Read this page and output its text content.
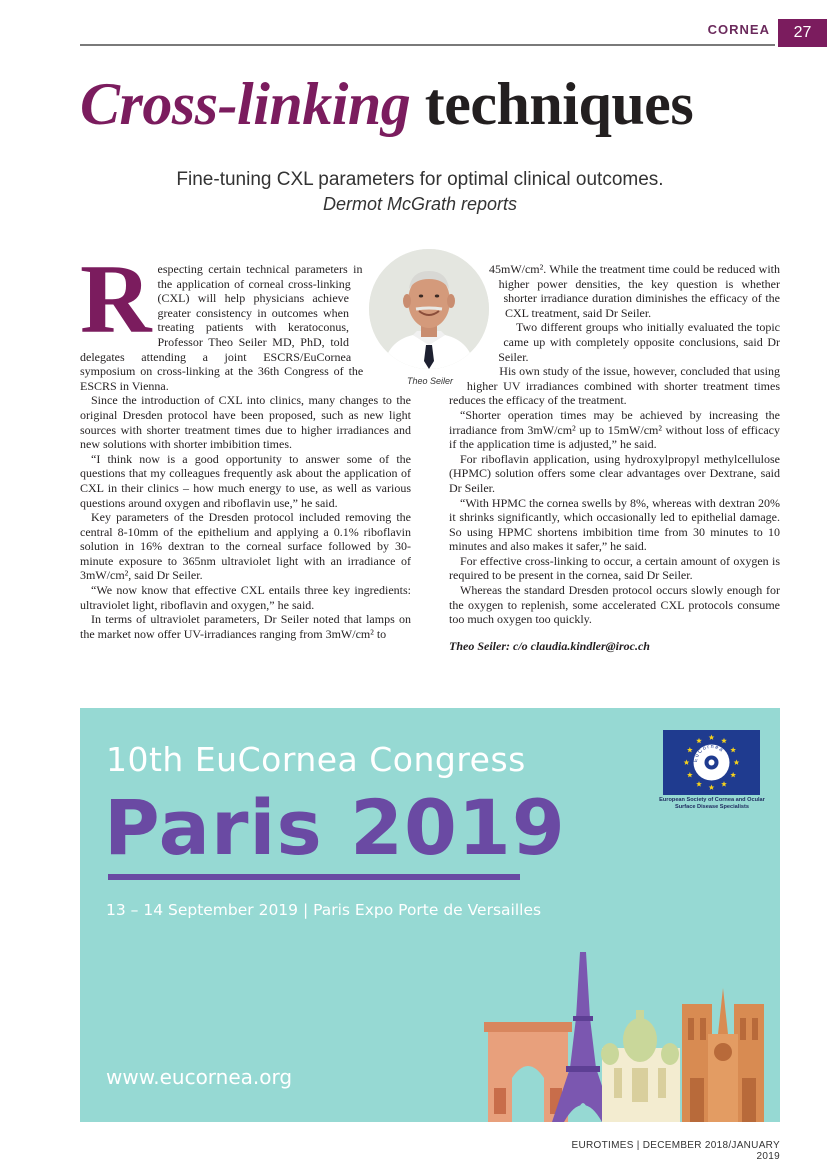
CORNEA	27
Cross-linking techniques
Fine-tuning CXL parameters for optimal clinical outcomes.
Dermot McGrath reports
Theo Seiler
R especting certain technical parameters in the application of corneal cross-linking (CXL) will help physicians achieve greater consistency in outcomes when treating patients with keratoconus, Professor Theo Seiler MD, PhD, told delegates attending a joint ESCRS/EuCornea symposium on cross-linking at the 36th Congress of the ESCRS in Vienna.

Since the introduction of CXL into clinics, many changes to the original Dresden protocol have been proposed, such as new light sources with shorter treatment times due to higher irradiances and new solutions with shorter imbibition times.

“I think now is a good opportunity to answer some of the questions that my colleagues frequently ask about the application of CXL in their clinics – how much energy to use, as well as various questions around oxygen and riboflavin use,” he said.

Key parameters of the Dresden protocol included removing the central 8-10mm of the epithelium and applying a 0.1% riboflavin solution in 16% dextran to the corneal surface followed by 30-minute exposure to 365nm ultraviolet light with an irradiance of 3mW/cm², said Dr Seiler.

“We now know that effective CXL entails three key ingredients: ultraviolet light, riboflavin and oxygen,” he said.

In terms of ultraviolet parameters, Dr Seiler noted that lamps on the market now offer UV-irradiances ranging from 3mW/cm² to

45mW/cm². While the treatment time could be reduced with higher power densities, the key question is whether shorter irradiance duration diminishes the efficacy of the CXL treatment, said Dr Seiler.

Two different groups who initially evaluated the topic came up with completely opposite conclusions, said Dr Seiler.

His own study of the issue, however, concluded that using higher UV irradiances combined with shorter treatment times reduces the efficacy of the treatment.

“Shorter operation times may be achieved by increasing the irradiance from 3mW/cm² up to 15mW/cm² without loss of efficacy if the application time is adjusted,” he said.

For riboflavin application, using hydroxylpropyl methylcellulose (HPMC) solution offers some clear advantages over Dextrane, said Dr Seiler.

“With HPMC the cornea swells by 8%, whereas with dextran 20% it shrinks significantly, which occasionally led to epithelial damage. So using HPMC shortens imbibition time from 30 minutes to 10 minutes and also makes it safer,” he said.

For effective cross-linking to occur, a certain amount of oxygen is required to be present in the cornea, said Dr Seiler.

Whereas the standard Dresden protocol occurs slowly enough for the oxygen to replenish, some accelerated CXL protocols consume too much oxygen too quickly.

Theo Seiler: c/o claudia.kindler@iroc.ch

10th EuCornea Congress
Paris 2019
13 – 14 September 2019 | Paris Expo Porte de Versailles
www.eucornea.org
EuCornea
European Society of Cornea and Ocular Surface Disease Specialists
EUROTIMES | DECEMBER 2018/JANUARY 2019
